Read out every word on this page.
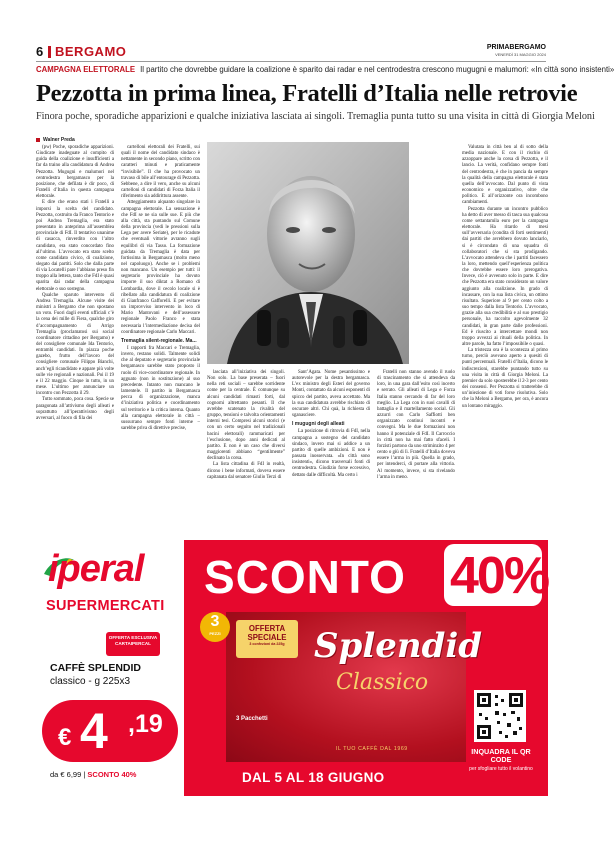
6 BERGAMO	PRIMABERGAMO
VENERDÌ 31 MAGGIO 2024
CAMPAGNA ELETTORALE Il partito che dovrebbe guidare la coalizione è sparito dai radar e nel centrodestra crescono mugugni e malumori: «In città sono insistenti»
Pezzotta in prima linea, Fratelli d’Italia nelle retrovie
Finora poche, sporadiche apparizioni e qualche iniziativa lasciata ai singoli. Tremaglia punta tutto su una visita in città di Giorgia Meloni
Walner Preda

(pw) Poche, sporadiche apparizioni. Giudicate inadeguate al compito di guida della coalizione e insufficienti a far da traino alla candidatura di Andrea Pezzotta. Mugugni e malumori nel centrodestra bergamasco per la posizione, che defilata è dir poco, di Fratelli d’Italia in questa campagna elettorale.

E dire che erano stati i Fratelli a imporsi la scelta del candidato. Pezzotta, costruito da Franco Tentorio e poi Andrea Tremaglia, era stato presentato in anteprima all’assemblea provinciale di FdI. Il tentativo unanime di casacca, rinverdito con l’altro candidato, era stato concordato fino all’ultimo. L’avvocato era stato scelto come candidato civico, di coalizione, slegato dai partiti. Solo che dalla parte di via Locatelli pare l’abbiano preso fin troppo alla lettera, tanto che FdI è quasi sparita dai radar della campagna elettorale o suo sostegno.

Qualche sparuto intervento di Andrea Tremaglia. Alcune visite dei ministri a Bergamo che non spostano un voto. Fuori dagli eventi ufficiali c’è la cena dei mille di Fiera, qualche giro d’accompagnamento di Arrigo Tremaglia (proclamatosi sui social coordinatore cittadino per Bergamo) e del consigliere comunale Ida Tentorio, entrambi candidati. In piazza poche gazebo, frutto dell’lavoro del consigliere comunale Filippo Bianchi, anch’egli ricandidato e appare più volte sulle vie regionali e nazionali. Poi il 19 e il 22 maggio. Cinque in tutto, in un mese. L’ultimo per annunciare un incontro con Pezzotta il 29.

Tutto sommato, poca cosa. Specie se paragonata all’attivismo degli alleati e soprattutto all’iperattivismo degli avversari, al fuoco di fila dei

cartelloni elettorali dei Fratelli, sui quali il nome del candidato sindaco è nettamente in secondo piano, scritto con caratteri minuti e praticamente “invisibile”. Il che ha provocato un travaso di bile all’entourage di Pezzotta. Sebbene, a dire il vero, anche su alcuni cartelloni di candidati di Forza Italia il riferimento sia addirittura assente.

Atteggiamento alquanto singolare in campagna elettorale. La sensazione è che FdI se ne sia sulle sue. E più che alla città, sta puntando sul Comune della provincia (vedi le pressioni sulla Lega per avere Seriate), per le ricadute che eventuali vittorie avranno sugli equilibri di via Tasso. La formazione guidata da Tremaglia è data per fortissima in Bergamasca (molto meno nel capoluogo). Anche se i problemi non mancano. Un esempio per tutti: il segretario provinciale ha dovuto imporre il suo diktat a Romano di Lombardia, dove il cecolo locale si è ribellato alla candidatura di coalizione di Gianfranco Gafforelli. E per evitare un improvviso intervento in loco di Mario Mantovani e dell’assessore regionale Paolo Franco e stata necessaria l’intermediazione decisa del coordinatore regionale Carlo Maccari.

Tremaglia silent-regionale. Ma...

I rapporti fra Maccari e Tremaglia, invero, restano solidi. Talmente solidi che al deputato e segretario provinciale bergamasco sarebbe stato proposto il ruolo di vice-coordinatore regionale. In agguato (non in sostituzione) al suo precedente. Intanto non mancano le lamentele. Il partito in Bergamasca pecca di organizzazione, manca d’iniziativa politica e coordinamento sul territorio e la critica interna. Quanto alla campagna elettorale in città – sussurrano sempre fonti interne – sarebbe priva di direttive precise,

lasciata all’iniziativa dei singoli. Non solo. La base preserata – fuori nella reti sociali – sarebbe sorridente come per la centrale. È comunque su alcuni candidati rimasti forti, dal cognomi altrettanto pesanti. Il che avrebbe scatenato la rivalità del gruppo, tensioni e talvolta orientamenti interni tesi. Compresi alcuni storici (e con un certo seguito nel tradizionali bacini elettorali) rammaricati per l’esclusione, dopo anni dedicati al partito. E non è un caso che diversi maggiorenti abbiano “gentilmente” declinato la corsa.

La lista cittadina di FdI in realtà, dicono i bene informati, doveva essere capitanata dal senatore Giulio Terzi di

Sant’Agata. Nome pesantissimo e autorevole per la destra bergamasca. L’ex ministro degli Esteri del governo Monti, contattato da alcuni esponenti di spicco del partito, aveva accettato. Ma la sua candidatura avrebbe rischiato di oscurare altri. Chi quà, la richiesta di sganasciere.

I mugugni degli alleati

La posizione di ritrovia di FdI, nella campagna a sostegno del candidato sindaco, invero mai si addice a un partito di quelle ambizioni. E non è passata inosservata. «In città sono insistenti», dicono trasversali fonti di centrodestra. Giudizio forse eccessivo, dettato dalle difficoltà. Ma certo i

Fratelli non stanno avendo il ruolo di trascinamento che si attendeva da loro, in una gara dall’esito così incerto e serrato. Gli alleati di Lega e Forza Italia stanno cercando di far del loro meglio. La Lega con in suoi cavalli di battaglia e il martellamento social. Gli azzurri con Carlo Saffiotti ben organizzato continui incontri e convegni. Ma le due formazioni non hanno il potenziale di FdI. Il Carroccio in città non ha mai fatto sfaceli. I forzisti partono da uno striminzito 4 per cento o giù di lì. Fratelli d’Italia doveva essere l’arma in più. Quella in grado, per intenderci, di portare alla vittoria. Al momento, invece, si sta rivelando l’arma in meno.

Valutata in città ben al di sotto della media nazionale. E con il rischio di azzoppare anche la corsa di Pezzotta, e il lancio. La verità, confidano sempre fonti del centrodestra, è che in pancia da sempre la qualità della campagna elettorale è stata quella dell’avvocato. Dal punto di vista economico e organizzativo, oltre che politico. E all’orizzonte ora incombono cambiamenti.

Pezzotta durante un incontro pubblico ha detto di aver messo di tasca sua qualcosa come settantamila euro per la campagna elettorale. Ha ritardo di mesi sull’avversaria (condita di forti sentimenti) dai partiti che avrebbero dovuto lanciarlo, si è circondato di una squadra di collaboratori che si sta prodigando. L’avvocato attendeva che i partiti facessero la loro, mettendo quell’esperienza politica che dovrebbe essere loro prerogativa. Invece, ciò è avvenuto solo in parte. E dire che Pezzotta era stato considerato un valore aggiunto alla coalizione. In grado di incassare, con la sua lista civica, un ottimo risultato. Superiore al 9 per cento colto a suo tempo dalla lista Tentorio. L’avvocato, grazie alla sua credibilità e al suo prestigio personale, ha raccolto agevolmente 32 candidati, in gran parte dalle professioni. Ed è riuscito a intercettare mondi non troppo avvezzi ai rituali della politica. In altre parole, ha fatto l’impossibile o quasi.

La tristezza ora è la scontezza al primo turno, perciò avevano aperto a quesiti di punti percentuali. Fratelli d’Italia, dicono le indiscrezioni, starebbe puntando tutto su una visita in città di Giorgia Meloni. La premier da solo sposterebbe il 2-3 per cento dei consensi. Per Pezzotta si tratterebbe di un’iniezione di voti forse risolutiva. Solo che la Meloni a Bergamo, per ora, è ancora un lontano miraggio.

iperal
SUPERMERCATI
OFFERTA ESCLUSIVA CARTAIPERCAL
CAFFÈ SPLENDID
classico - g 225x3
€ 4 ,19
da € 6,99 | SCONTO 40%
SCONTO 40%
OFFERTA SPECIALE
3 confezioni da 225g Splendid
Classico
3 Pacchetti
IL TUO CAFFÈ DAL 1969
3
PEZZI
INQUADRA IL QR CODE
per sfogliare tutto il volantino
DAL 5 AL 18 GIUGNO
